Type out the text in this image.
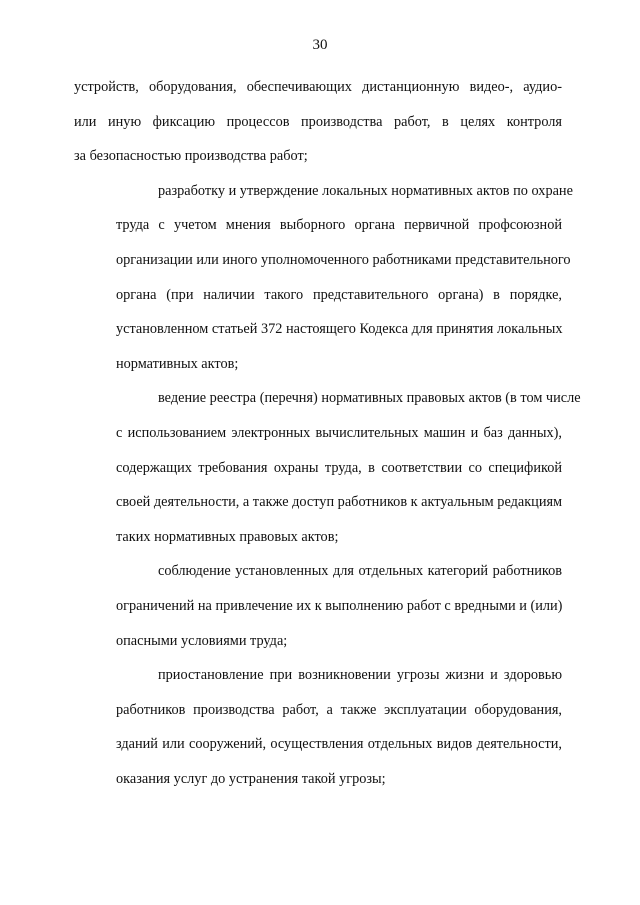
30

устройств, оборудования, обеспечивающих дистанционную видео-, аудио-
или иную фиксацию процессов производства работ, в целях контроля
за безопасностью производства работ;

разработку и утверждение локальных нормативных актов по охране
труда с учетом мнения выборного органа первичной профсоюзной
организации или иного уполномоченного работниками представительного
органа (при наличии такого представительного органа) в порядке,
установленном статьей 372 настоящего Кодекса для принятия локальных
нормативных актов;

ведение реестра (перечня) нормативных правовых актов (в том числе
с использованием электронных вычислительных машин и баз данных),
содержащих требования охраны труда, в соответствии со спецификой
своей деятельности, а также доступ работников к актуальным редакциям
таких нормативных правовых актов;

соблюдение установленных для отдельных категорий работников
ограничений на привлечение их к выполнению работ с вредными и (или)
опасными условиями труда;

приостановление при возникновении угрозы жизни и здоровью
работников производства работ, а также эксплуатации оборудования,
зданий или сооружений, осуществления отдельных видов деятельности,
оказания услуг до устранения такой угрозы;
